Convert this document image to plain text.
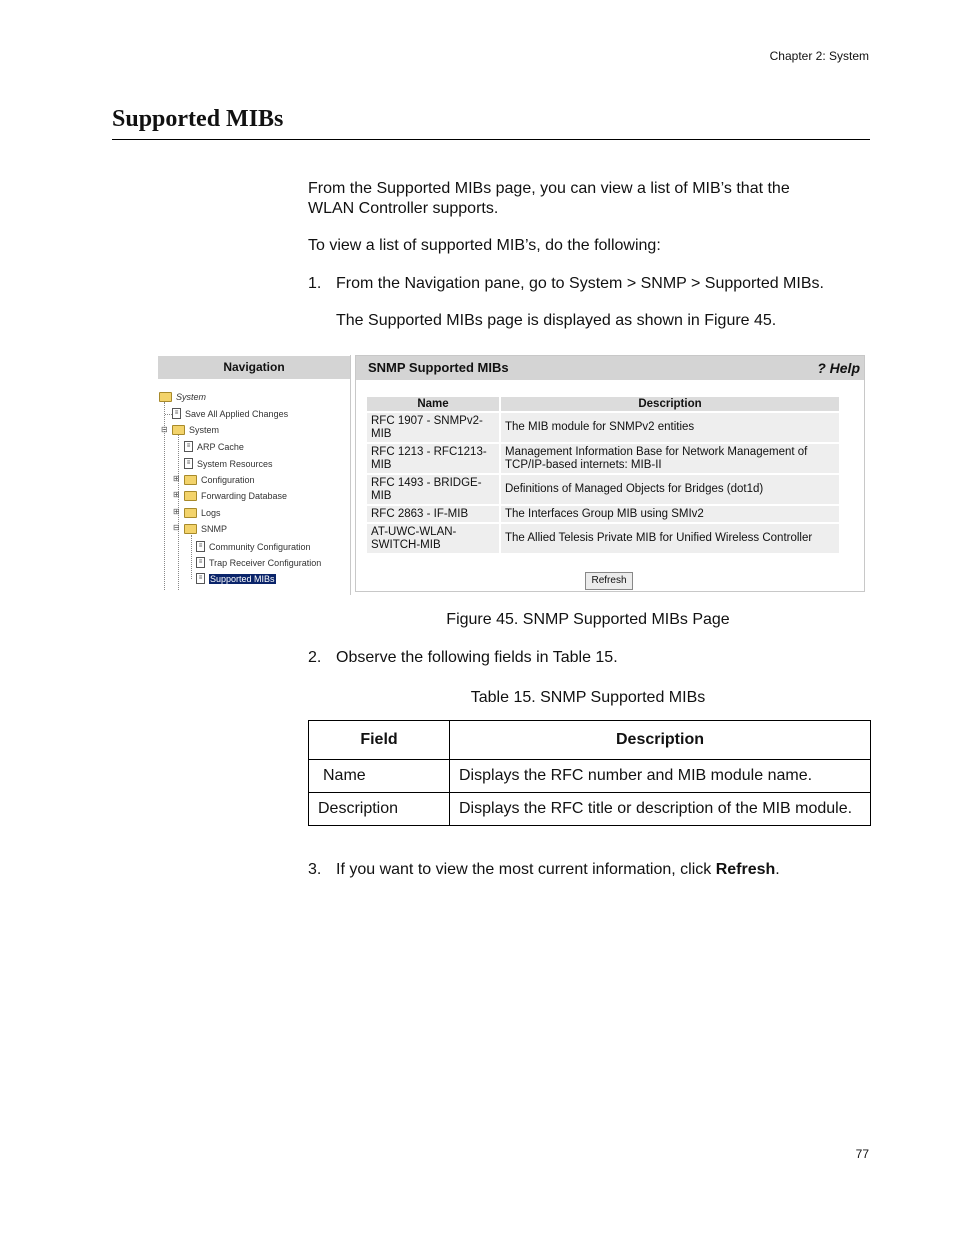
Chapter 2: System
Supported MIBs
From the Supported MIBs page, you can view a list of MIB’s that the
WLAN Controller supports.
To view a list of supported MIB’s, do the following:
1. From the Navigation pane, go to System > SNMP > Supported MIBs.
The Supported MIBs page is displayed as shown in Figure 45.
Navigation
System
≡ Save All Applied Changes
⊟ System
≡ ARP Cache
≡ System Resources
⊞ Configuration
⊞ Forwarding Database
⊞ Logs
⊟ SNMP
≡ Community Configuration
≡ Trap Receiver Configuration
≡ Supported MIBs
SNMP Supported MIBs	? Help
Name	Description
RFC 1907 - SNMPv2-MIB	The MIB module for SNMPv2 entities
RFC 1213 - RFC1213-MIB	Management Information Base for Network Management of TCP/IP-based internets: MIB-II
RFC 1493 - BRIDGE-MIB	Definitions of Managed Objects for Bridges (dot1d)
RFC 2863 - IF-MIB	The Interfaces Group MIB using SMIv2
AT-UWC-WLAN-SWITCH-MIB	The Allied Telesis Private MIB for Unified Wireless Controller
Refresh
Figure 45. SNMP Supported MIBs Page
2. Observe the following fields in Table 15.
Table 15. SNMP Supported MIBs
Field	Description
Name	Displays the RFC number and MIB module name.
Description	Displays the RFC title or description of the MIB module.
3. If you want to view the most current information, click Refresh.
77
